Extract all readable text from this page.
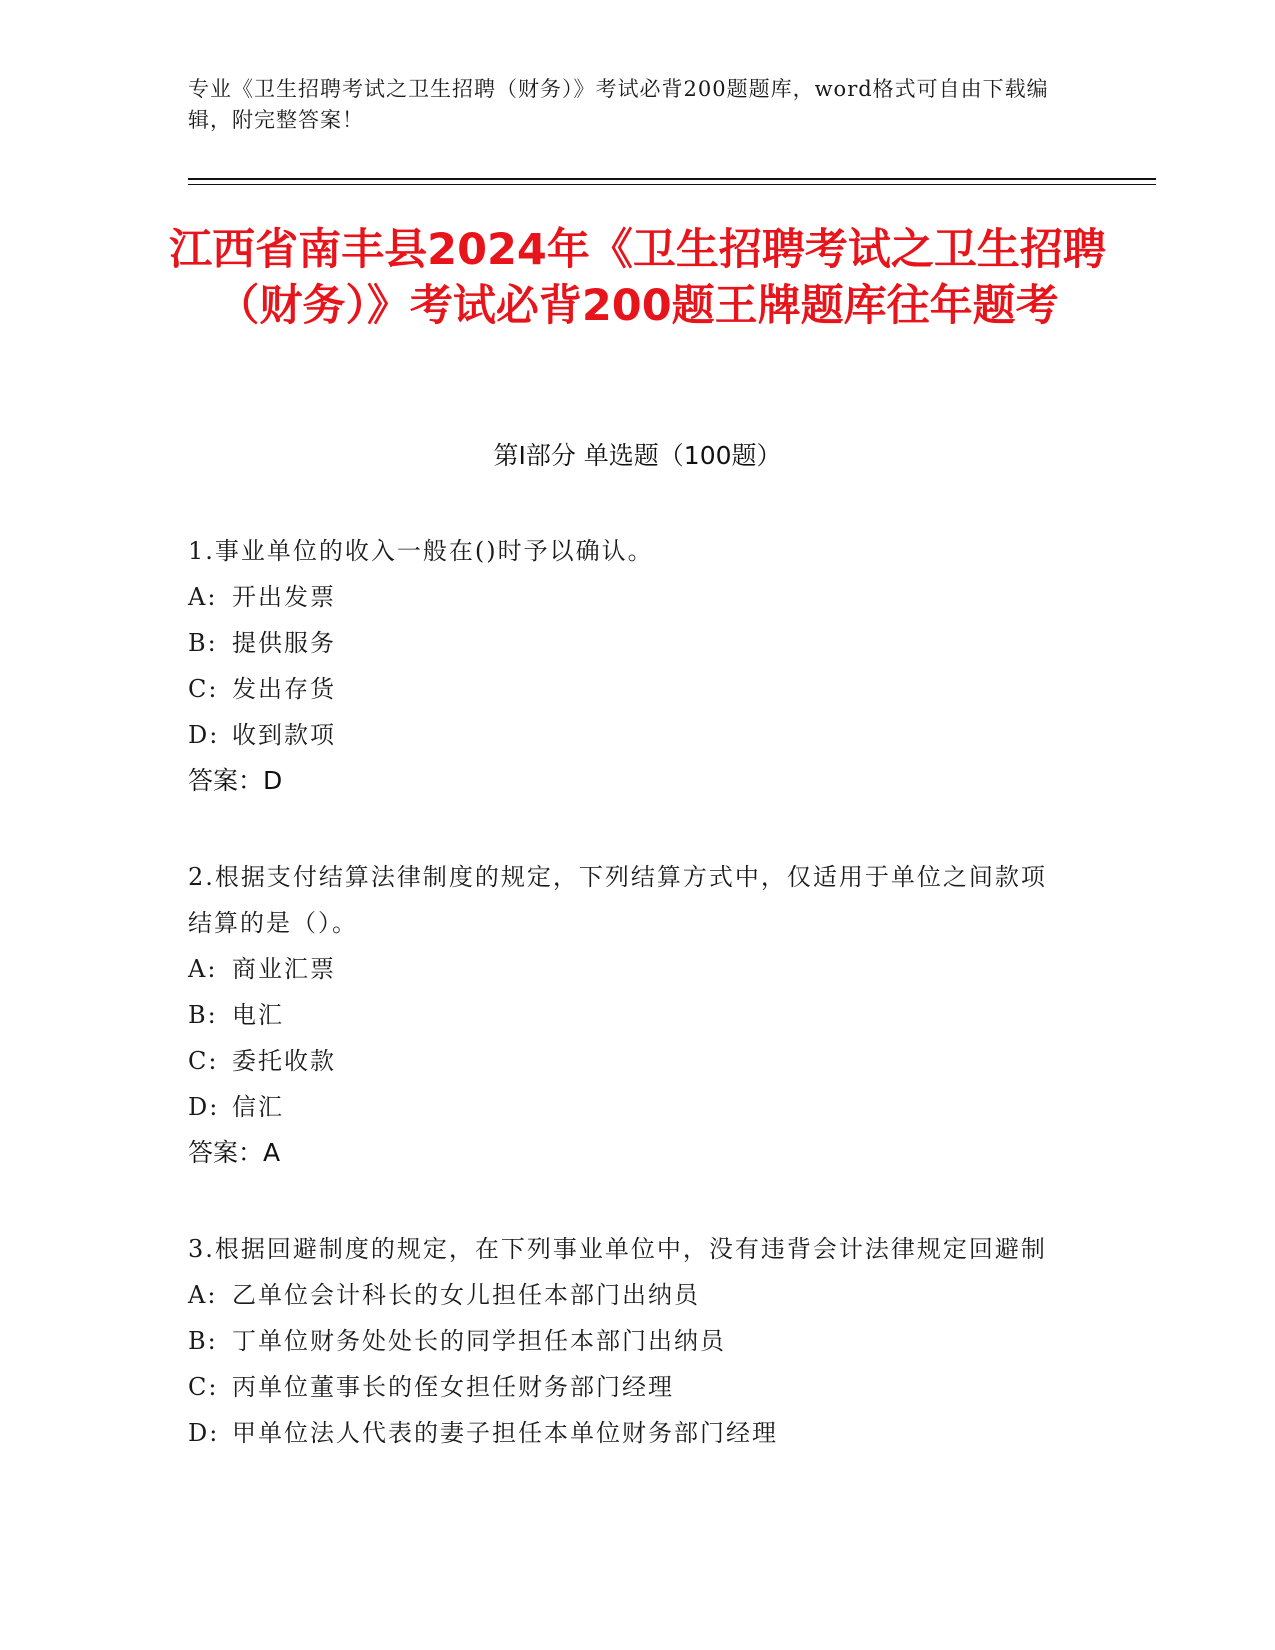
专业《卫生招聘考试之卫生招聘（财务）》考试必背200题题库，word格式可自由下载编辑，附完整答案！
江西省南丰县2024年《卫生招聘考试之卫生招聘（财务）》考试必背200题王牌题库往年题考
第Ⅰ部分 单选题（100题）
1.事业单位的收入一般在()时予以确认。
A: 开出发票
B: 提供服务
C: 发出存货
D: 收到款项
答案：D
2.根据支付结算法律制度的规定，下列结算方式中，仅适用于单位之间款项结算的是（）。
A: 商业汇票
B: 电汇
C: 委托收款
D: 信汇
答案：A
3.根据回避制度的规定，在下列事业单位中，没有违背会计法律规定回避制
A: 乙单位会计科长的女儿担任本部门出纳员
B: 丁单位财务处处长的同学担任本部门出纳员
C: 丙单位董事长的侄女担任财务部门经理
D: 甲单位法人代表的妻子担任本单位财务部门经理
